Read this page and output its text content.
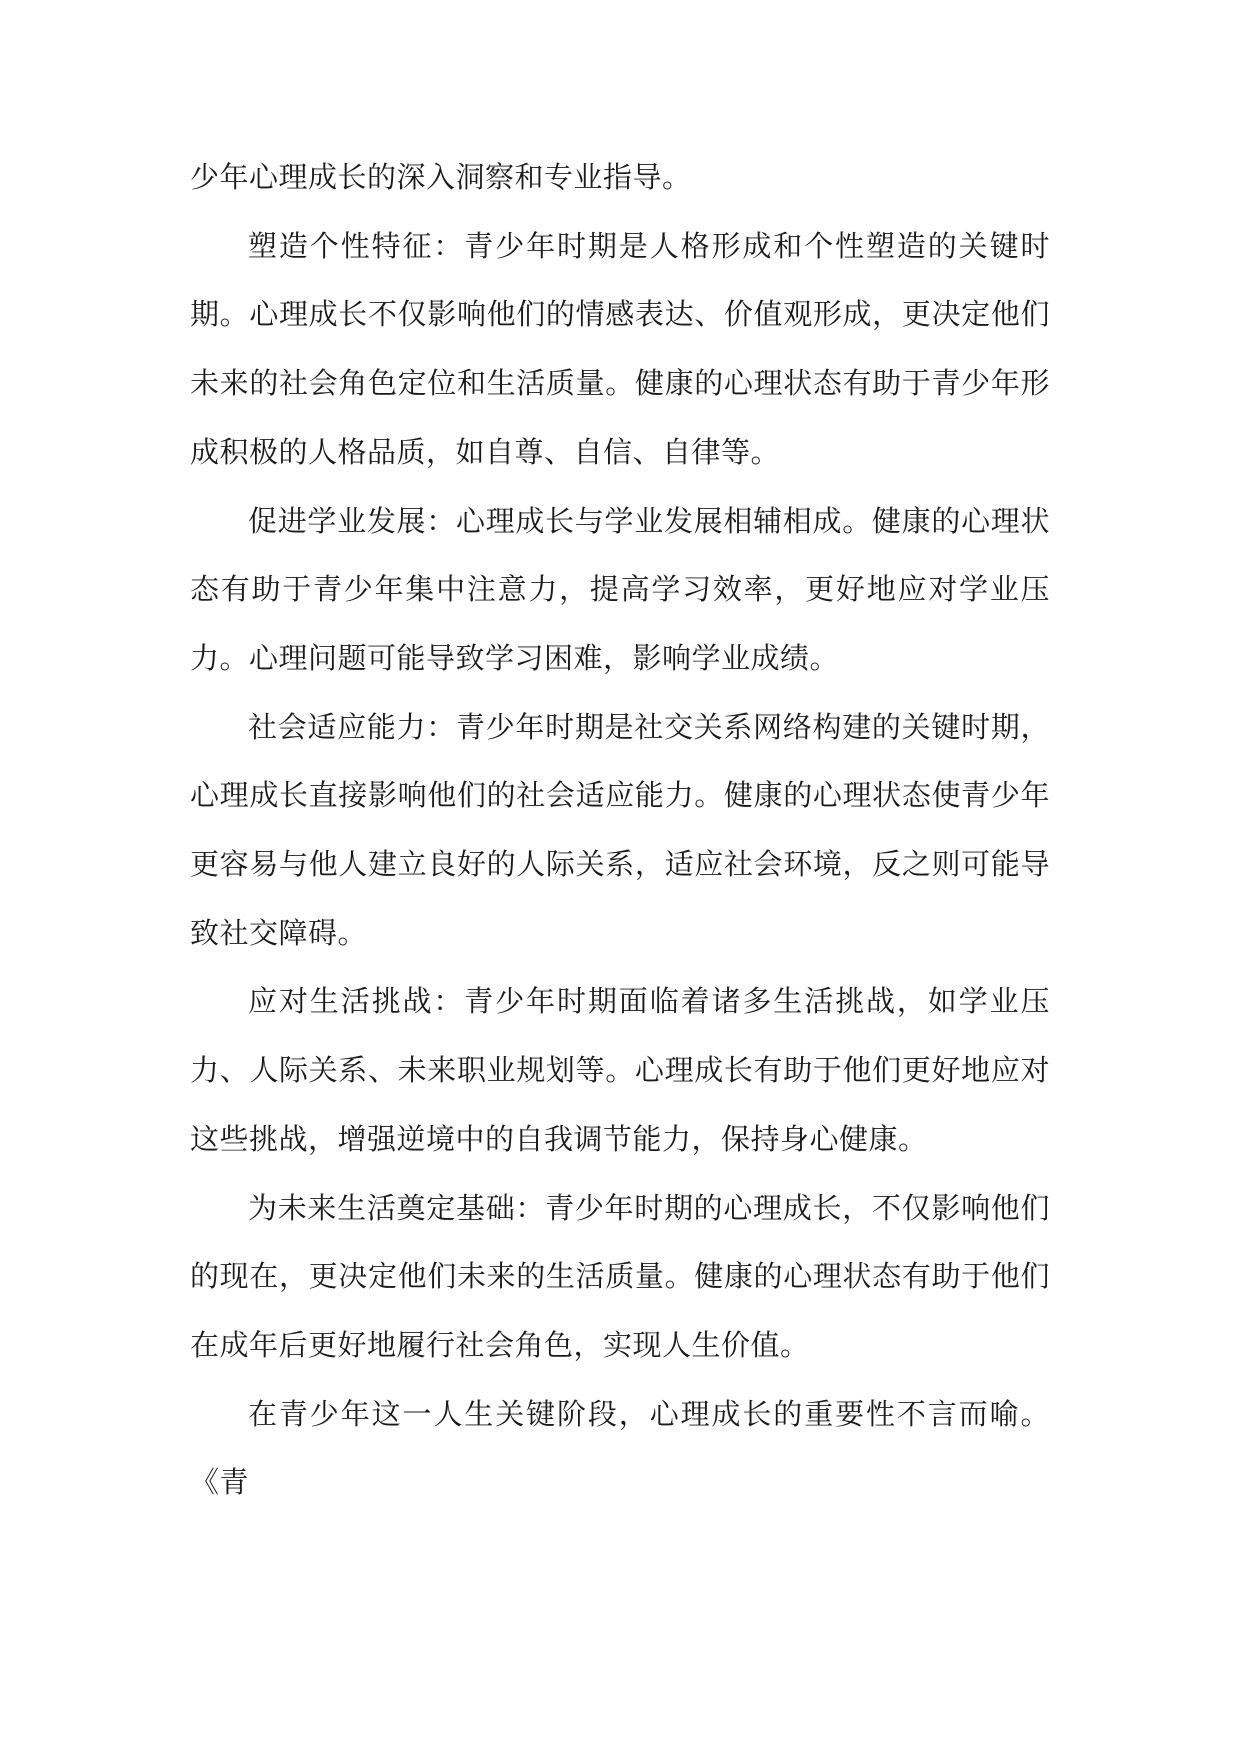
少年心理成长的深入洞察和专业指导。

塑造个性特征：青少年时期是人格形成和个性塑造的关键时期。心理成长不仅影响他们的情感表达、价值观形成，更决定他们未来的社会角色定位和生活质量。健康的心理状态有助于青少年形成积极的人格品质，如自尊、自信、自律等。

促进学业发展：心理成长与学业发展相辅相成。健康的心理状态有助于青少年集中注意力，提高学习效率，更好地应对学业压力。心理问题可能导致学习困难，影响学业成绩。

社会适应能力：青少年时期是社交关系网络构建的关键时期，心理成长直接影响他们的社会适应能力。健康的心理状态使青少年更容易与他人建立良好的人际关系，适应社会环境，反之则可能导致社交障碍。

应对生活挑战：青少年时期面临着诸多生活挑战，如学业压力、人际关系、未来职业规划等。心理成长有助于他们更好地应对这些挑战，增强逆境中的自我调节能力，保持身心健康。

为未来生活奠定基础：青少年时期的心理成长，不仅影响他们的现在，更决定他们未来的生活质量。健康的心理状态有助于他们在成年后更好地履行社会角色，实现人生价值。

在青少年这一人生关键阶段，心理成长的重要性不言而喻。《青
